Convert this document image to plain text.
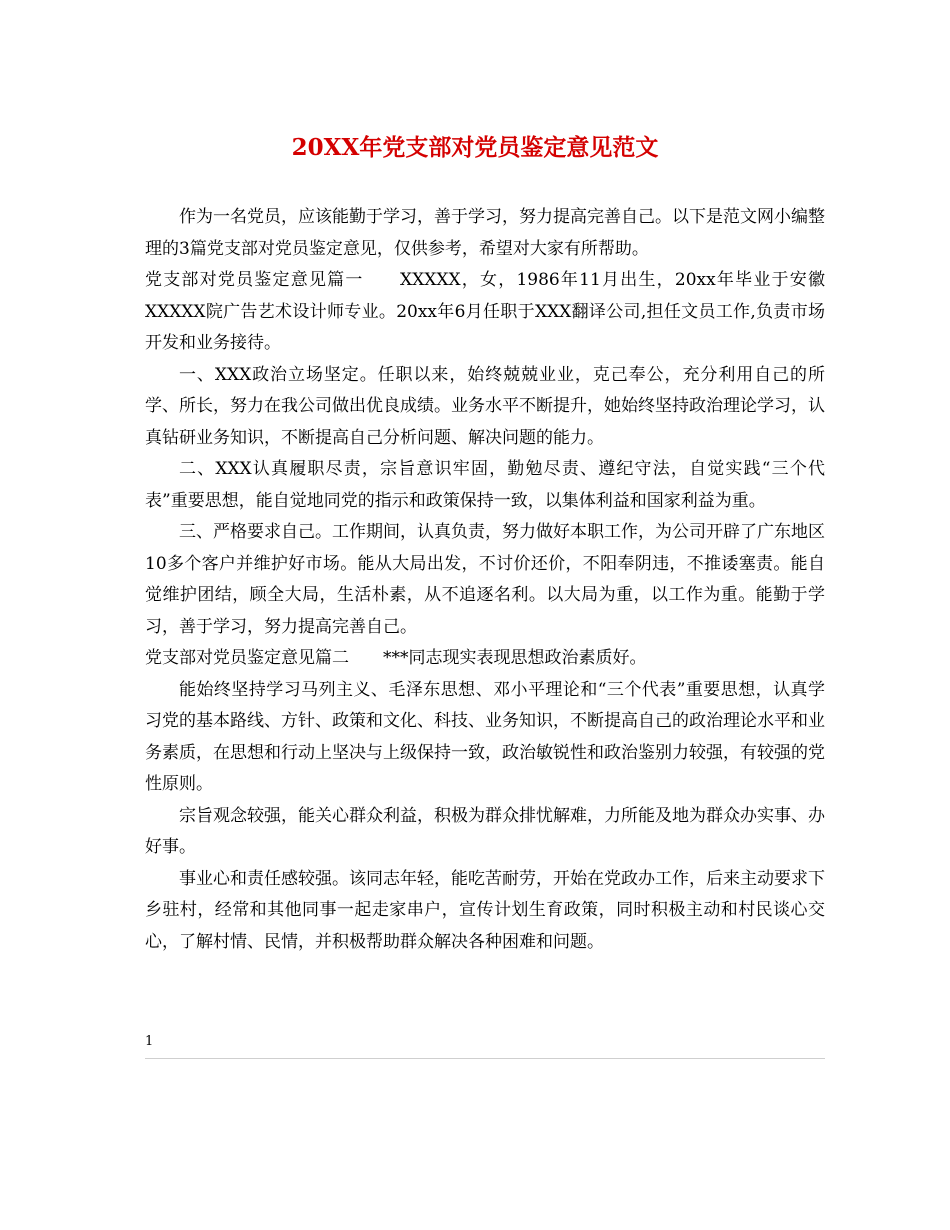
20XX年党支部对党员鉴定意见范文

作为一名党员，应该能勤于学习，善于学习，努力提高完善自己。以下是范文网小编整理的3篇党支部对党员鉴定意见，仅供参考，希望对大家有所帮助。

党支部对党员鉴定意见篇一　　XXXXX，女，1986年11月出生，20xx年毕业于安徽XXXXX院广告艺术设计师专业。20xx年6月任职于XXX翻译公司,担任文员工作,负责市场开发和业务接待。

一、XXX政治立场坚定。任职以来，始终兢兢业业，克己奉公，充分利用自己的所学、所长，努力在我公司做出优良成绩。业务水平不断提升，她始终坚持政治理论学习，认真钻研业务知识，不断提高自己分析问题、解决问题的能力。

二、XXX认真履职尽责，宗旨意识牢固，勤勉尽责、遵纪守法，自觉实践“三个代表”重要思想，能自觉地同党的指示和政策保持一致，以集体利益和国家利益为重。

三、严格要求自己。工作期间，认真负责，努力做好本职工作，为公司开辟了广东地区10多个客户并维护好市场。能从大局出发，不讨价还价，不阳奉阴违，不推诿塞责。能自觉维护团结，顾全大局，生活朴素，从不追逐名利。以大局为重，以工作为重。能勤于学习，善于学习，努力提高完善自己。

党支部对党员鉴定意见篇二　　***同志现实表现思想政治素质好。

能始终坚持学习马列主义、毛泽东思想、邓小平理论和“三个代表”重要思想，认真学习党的基本路线、方针、政策和文化、科技、业务知识，不断提高自己的政治理论水平和业务素质，在思想和行动上坚决与上级保持一致，政治敏锐性和政治鉴别力较强，有较强的党性原则。

宗旨观念较强，能关心群众利益，积极为群众排忧解难，力所能及地为群众办实事、办好事。

事业心和责任感较强。该同志年轻，能吃苦耐劳，开始在党政办工作，后来主动要求下乡驻村，经常和其他同事一起走家串户，宣传计划生育政策，同时积极主动和村民谈心交心，了解村情、民情，并积极帮助群众解决各种困难和问题。

1
